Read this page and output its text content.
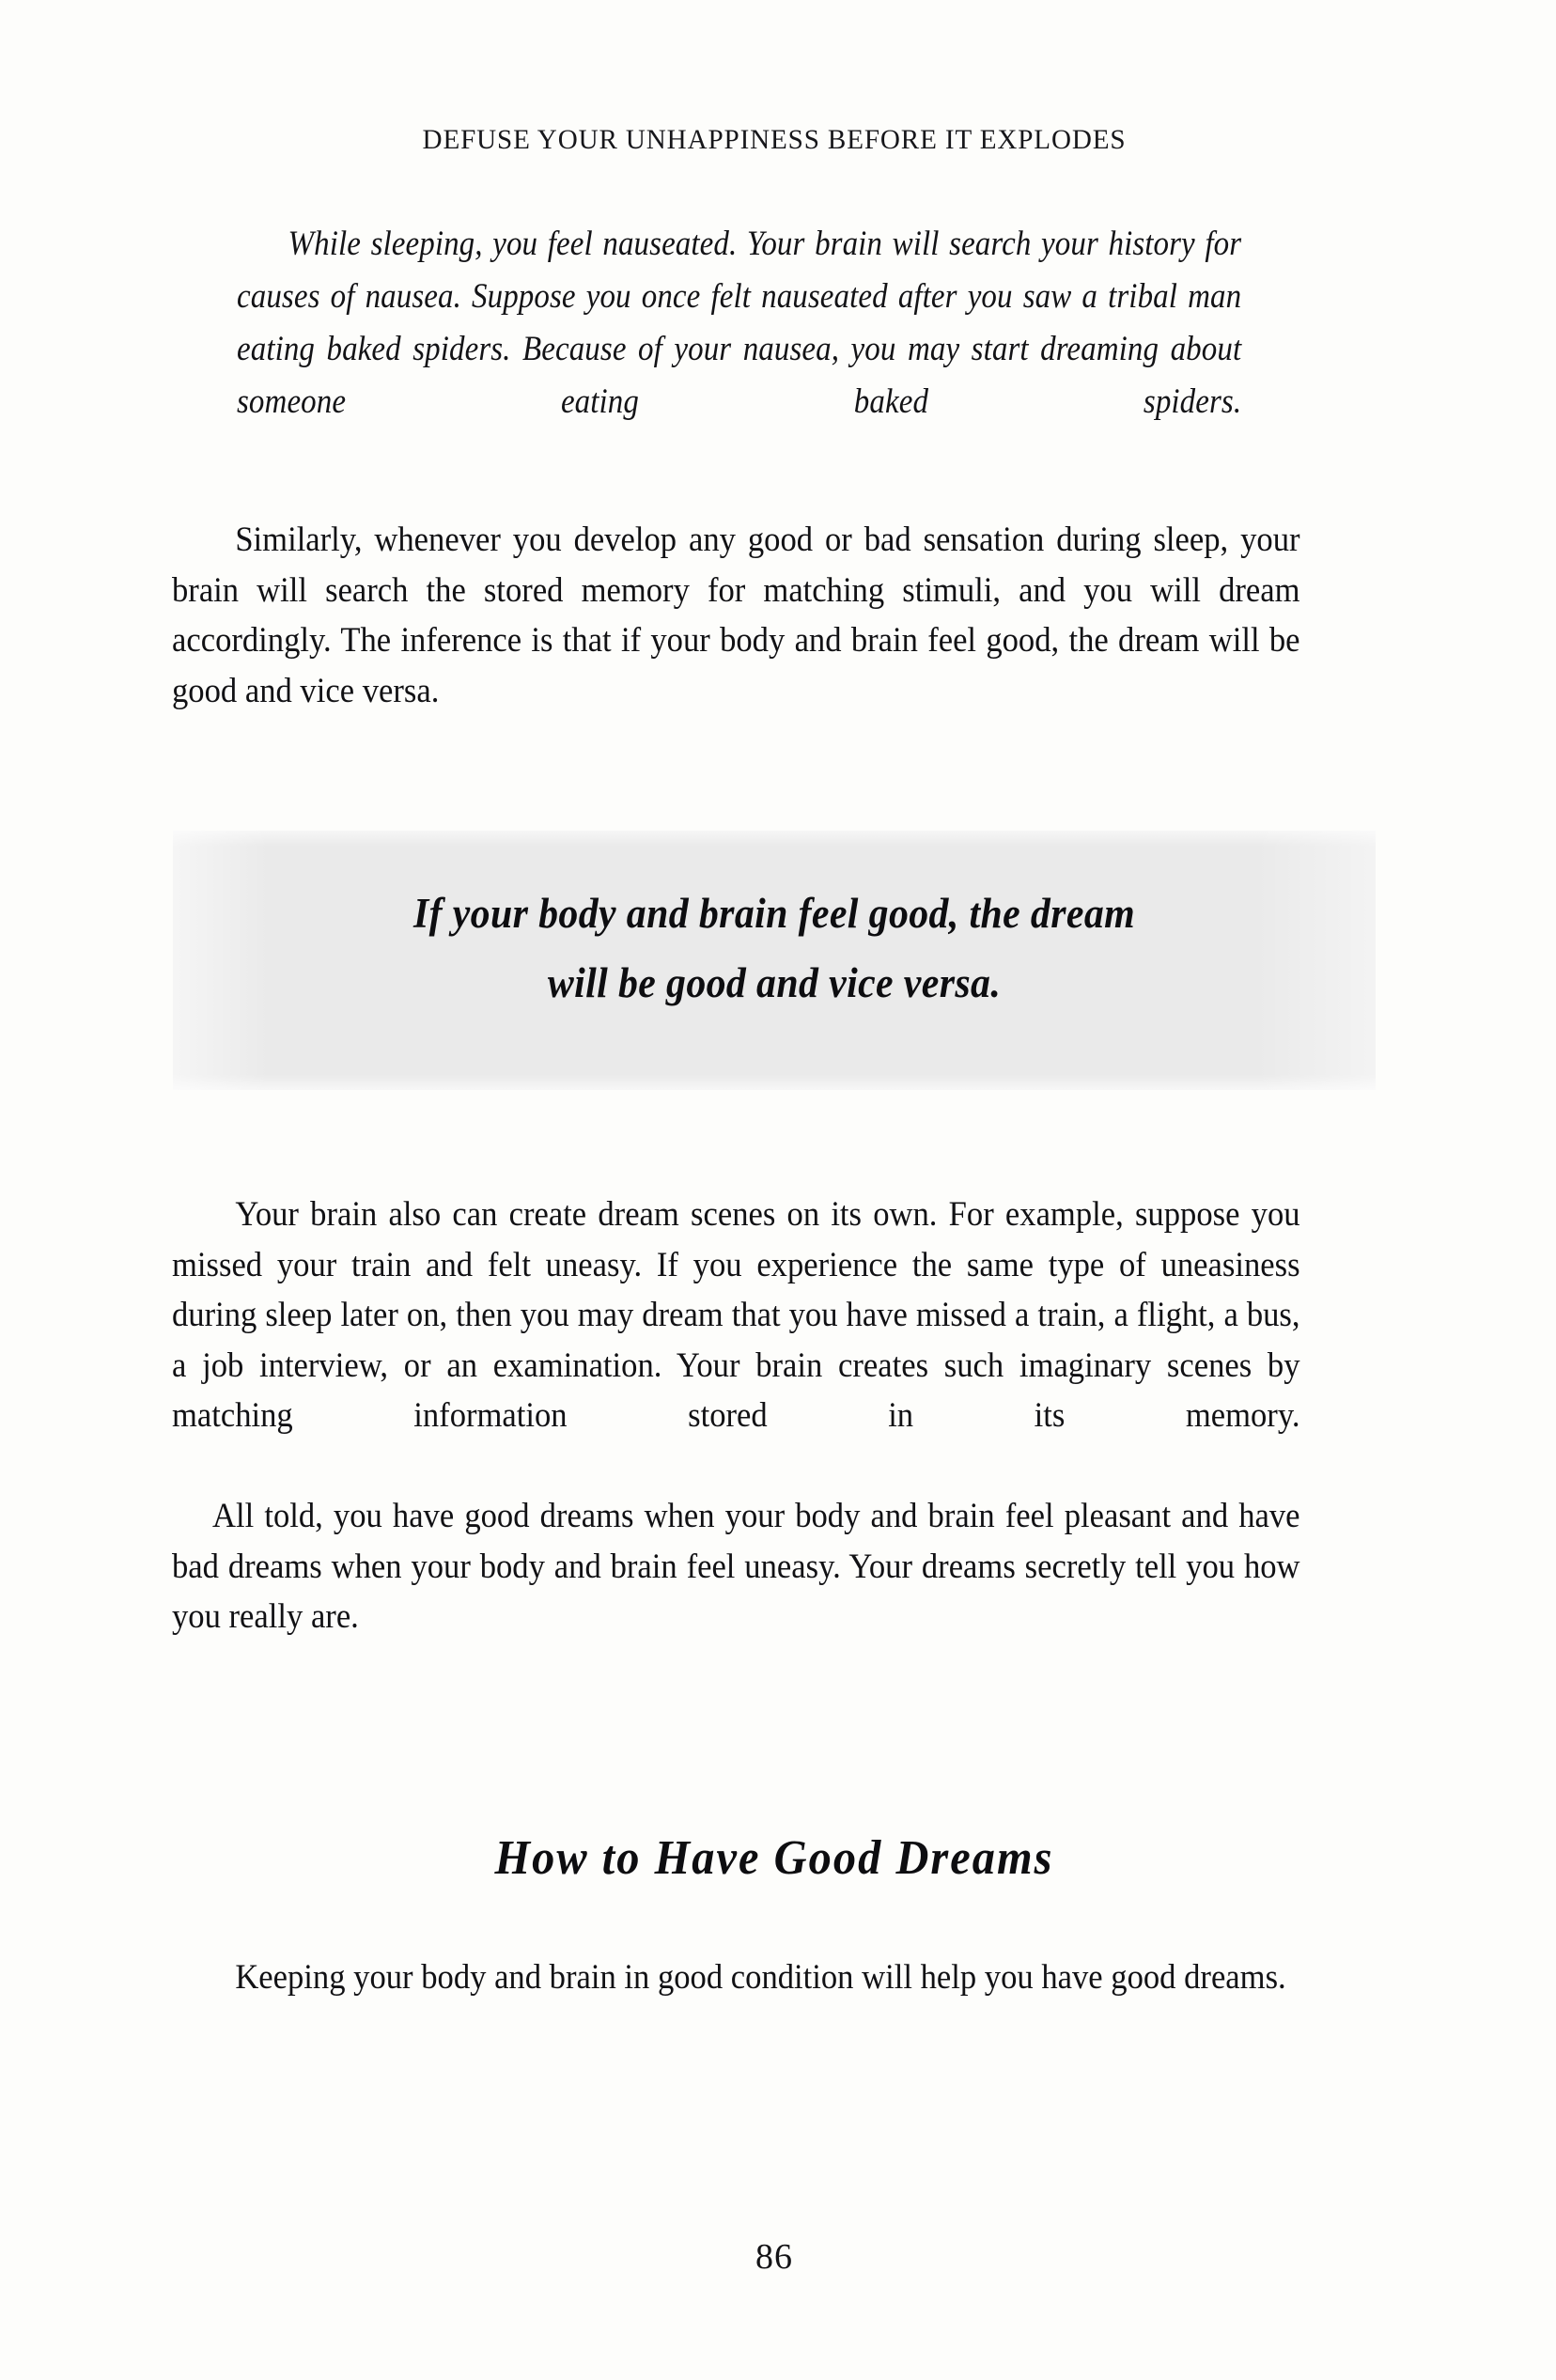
DEFUSE YOUR UNHAPPINESS BEFORE IT EXPLODES
While sleeping, you feel nauseated. Your brain will search your history for causes of nausea. Suppose you once felt nauseated after you saw a tribal man eating baked spiders. Because of your nausea, you may start dreaming about someone eating baked spiders.

Similarly, whenever you develop any good or bad sensation during sleep, your brain will search the stored memory for matching stimuli, and you will dream accordingly. The inference is that if your body and brain feel good, the dream will be good and vice versa.

If your body and brain feel good, the dream
will be good and vice versa.

Your brain also can create dream scenes on its own. For example, suppose you missed your train and felt uneasy. If you experience the same type of uneasiness during sleep later on, then you may dream that you have missed a train, a flight, a bus, a job interview, or an examination. Your brain creates such imaginary scenes by matching information stored in its memory.

All told, you have good dreams when your body and brain feel pleasant and have bad dreams when your body and brain feel uneasy. Your dreams secretly tell you how you really are.

How to Have Good Dreams

Keeping your body and brain in good condition will help you have good dreams.

86
